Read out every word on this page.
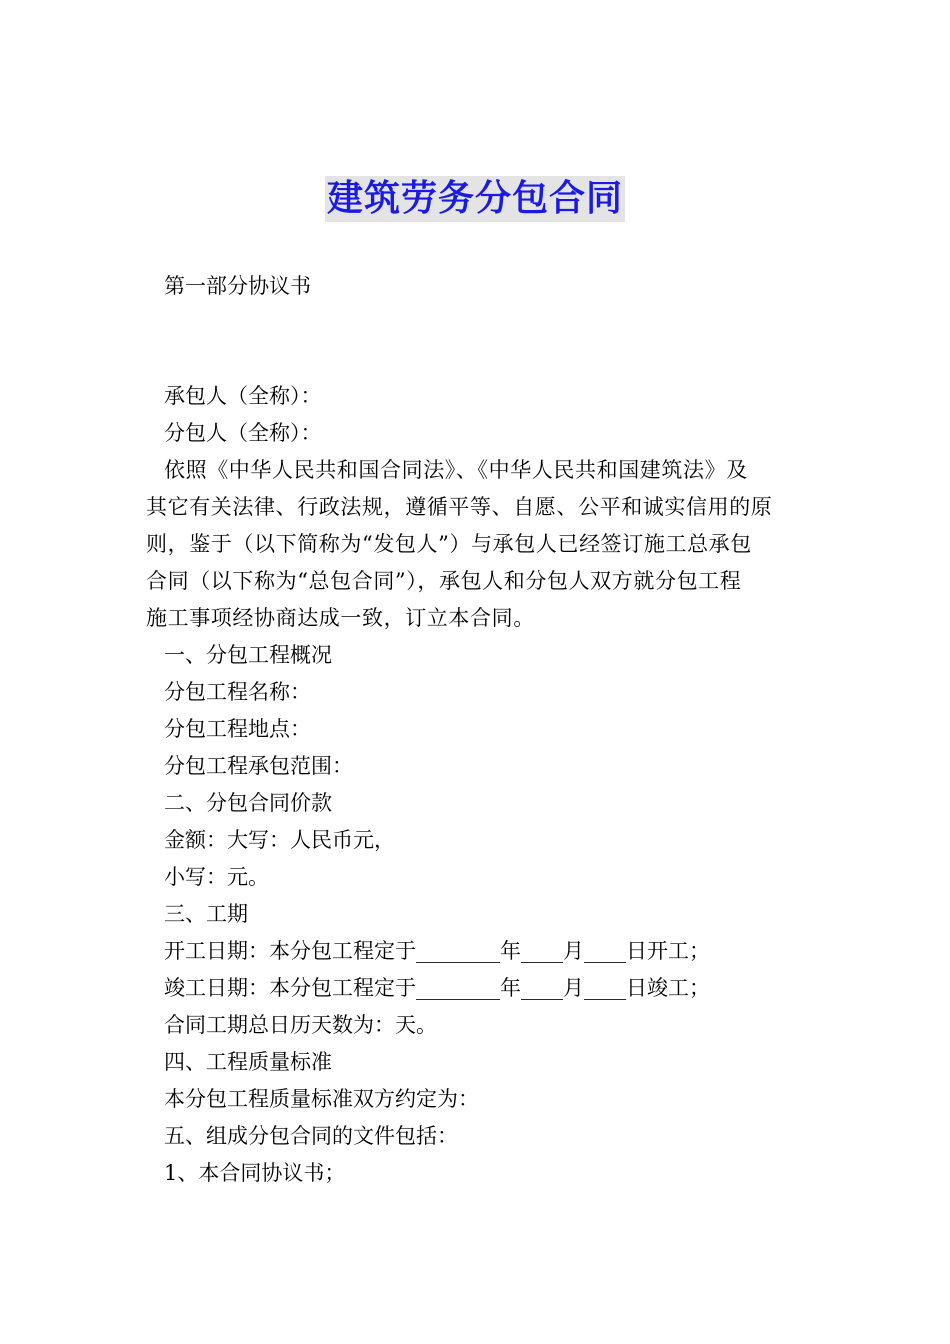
建筑劳务分包合同
第一部分协议书
承包人（全称）：
分包人（全称）：
依照《中华人民共和国合同法》、《中华人民共和国建筑法》及
其它有关法律、行政法规，遵循平等、自愿、公平和诚实信用的原
则，鉴于（以下简称为“发包人”）与承包人已经签订施工总承包
合同（以下称为“总包合同”），承包人和分包人双方就分包工程
施工事项经协商达成一致，订立本合同。
一、分包工程概况
分包工程名称：
分包工程地点：
分包工程承包范围：
二、分包合同价款
金额：大写：人民币元，
小写：元。
三、工期
开工日期：本分包工程定于________年____月____日开工；
竣工日期：本分包工程定于________年____月____日竣工；
合同工期总日历天数为：天。
四、工程质量标准
本分包工程质量标准双方约定为：
五、组成分包合同的文件包括：
1、本合同协议书；
